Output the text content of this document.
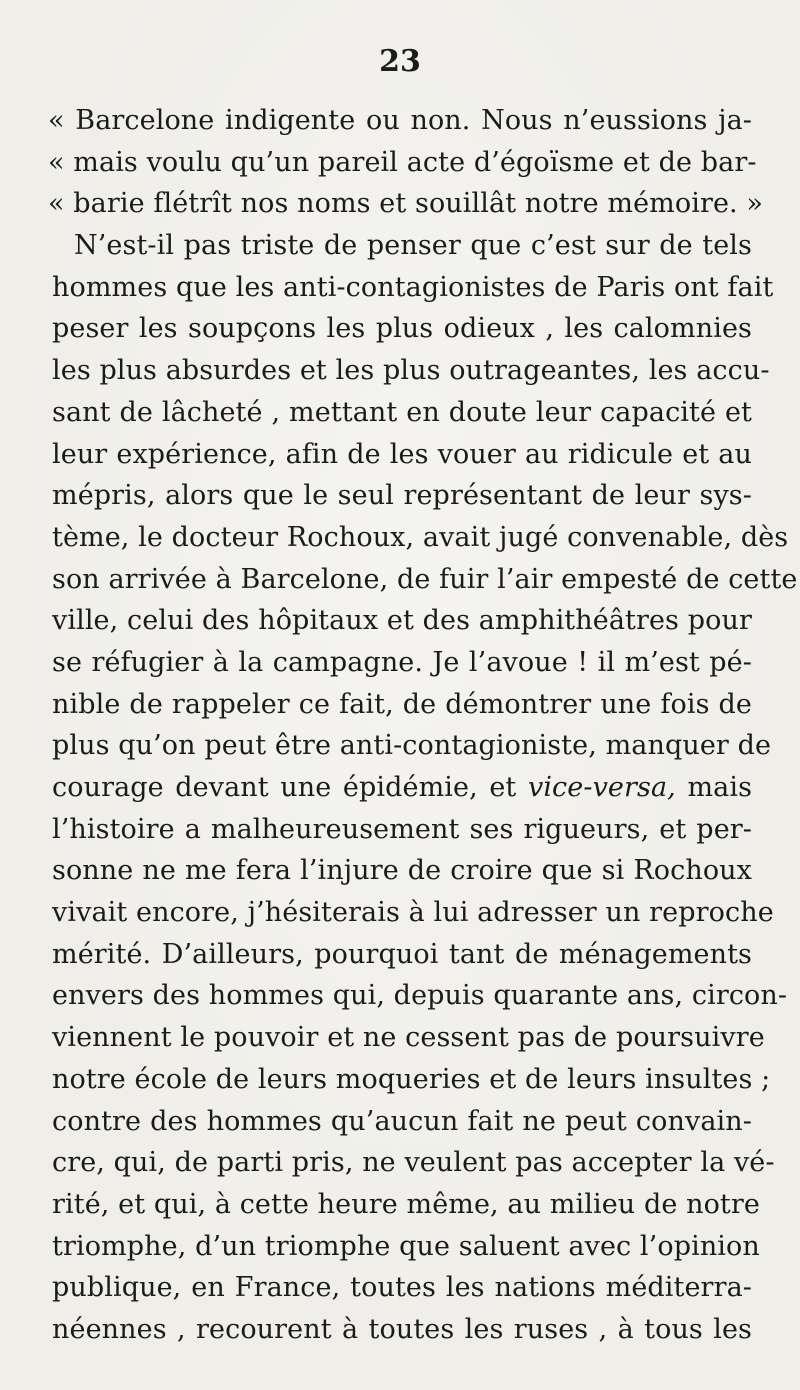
23
« Barcelone indigente ou non. Nous n’eussions ja-
« mais voulu qu’un pareil acte d’égoïsme et de bar-
« barie flétrît nos noms et souillât notre mémoire. »
N’est-il pas triste de penser que c’est sur de tels
hommes que les anti-contagionistes de Paris ont fait
peser les soupçons les plus odieux , les calomnies
les plus absurdes et les plus outrageantes, les accu-
sant de lâcheté , mettant en doute leur capacité et
leur expérience, afin de les vouer au ridicule et au
mépris, alors que le seul représentant de leur sys-
tème, le docteur Rochoux, avait jugé convenable, dès
son arrivée à Barcelone, de fuir l’air empesté de cette
ville, celui des hôpitaux et des amphithéâtres pour
se réfugier à la campagne. Je l’avoue ! il m’est pé-
nible de rappeler ce fait, de démontrer une fois de
plus qu’on peut être anti-contagioniste, manquer de
courage devant une épidémie, et vice-versa, mais
l’histoire a malheureusement ses rigueurs, et per-
sonne ne me fera l’injure de croire que si Rochoux
vivait encore, j’hésiterais à lui adresser un reproche
mérité. D’ailleurs, pourquoi tant de ménagements
envers des hommes qui, depuis quarante ans, circon-
viennent le pouvoir et ne cessent pas de poursuivre
notre école de leurs moqueries et de leurs insultes ;
contre des hommes qu’aucun fait ne peut convain-
cre, qui, de parti pris, ne veulent pas accepter la vé-
rité, et qui, à cette heure même, au milieu de notre
triomphe, d’un triomphe que saluent avec l’opinion
publique, en France, toutes les nations méditerra-
néennes , recourent à toutes les ruses , à tous les
